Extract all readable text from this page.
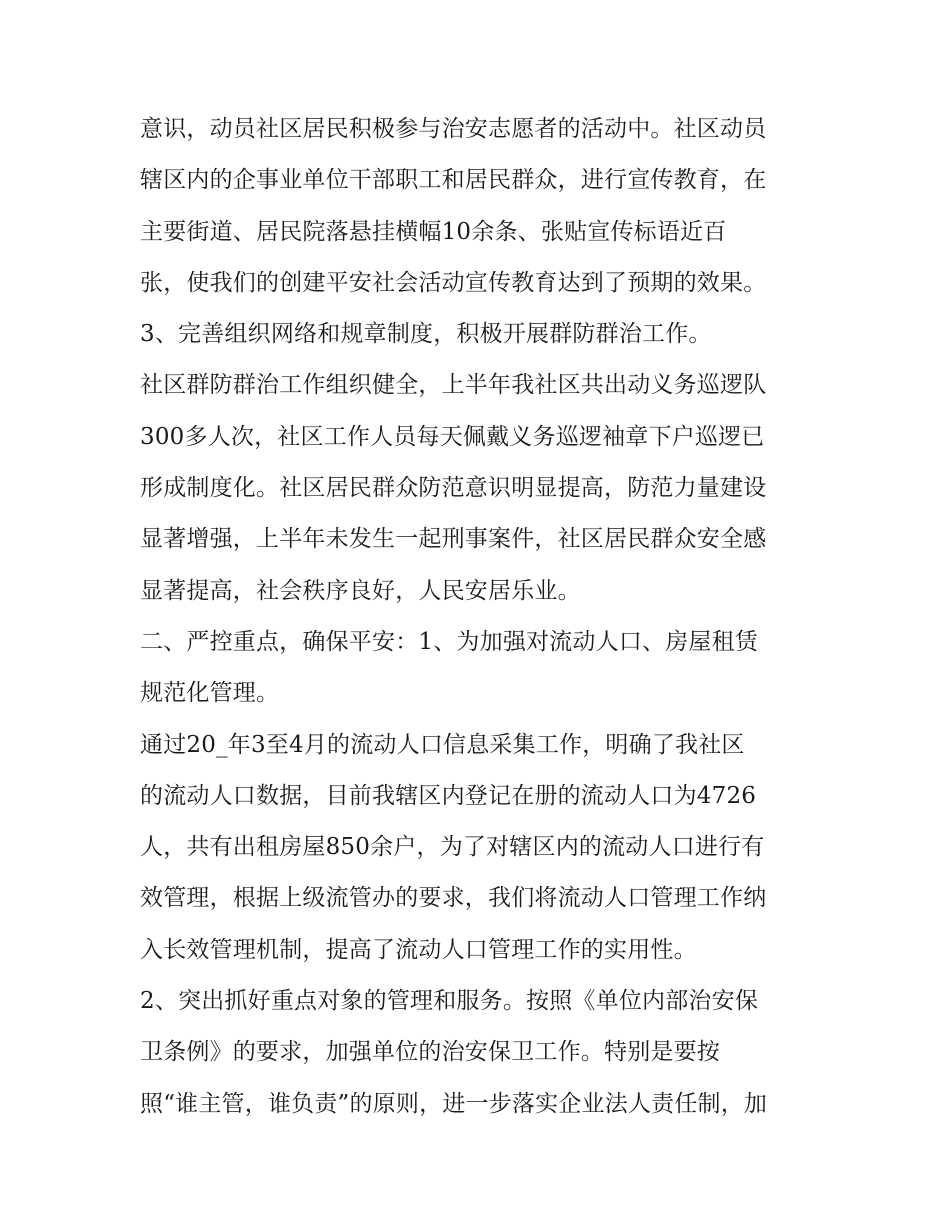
意识，动员社区居民积极参与治安志愿者的活动中。社区动员
辖区内的企事业单位干部职工和居民群众，进行宣传教育，在
主要街道、居民院落悬挂横幅10余条、张贴宣传标语近百
张，使我们的创建平安社会活动宣传教育达到了预期的效果。
3、完善组织网络和规章制度，积极开展群防群治工作。
社区群防群治工作组织健全，上半年我社区共出动义务巡逻队
300多人次，社区工作人员每天佩戴义务巡逻袖章下户巡逻已
形成制度化。社区居民群众防范意识明显提高，防范力量建设
显著增强，上半年未发生一起刑事案件，社区居民群众安全感
显著提高，社会秩序良好，人民安居乐业。
二、严控重点，确保平安：1、为加强对流动人口、房屋租赁
规范化管理。
通过20_年3至4月的流动人口信息采集工作，明确了我社区
的流动人口数据，目前我辖区内登记在册的流动人口为4726
人，共有出租房屋850余户，为了对辖区内的流动人口进行有
效管理，根据上级流管办的要求，我们将流动人口管理工作纳
入长效管理机制，提高了流动人口管理工作的实用性。
2、突出抓好重点对象的管理和服务。按照《单位内部治安保
卫条例》的要求，加强单位的治安保卫工作。特别是要按
照“谁主管，谁负责”的原则，进一步落实企业法人责任制，加
